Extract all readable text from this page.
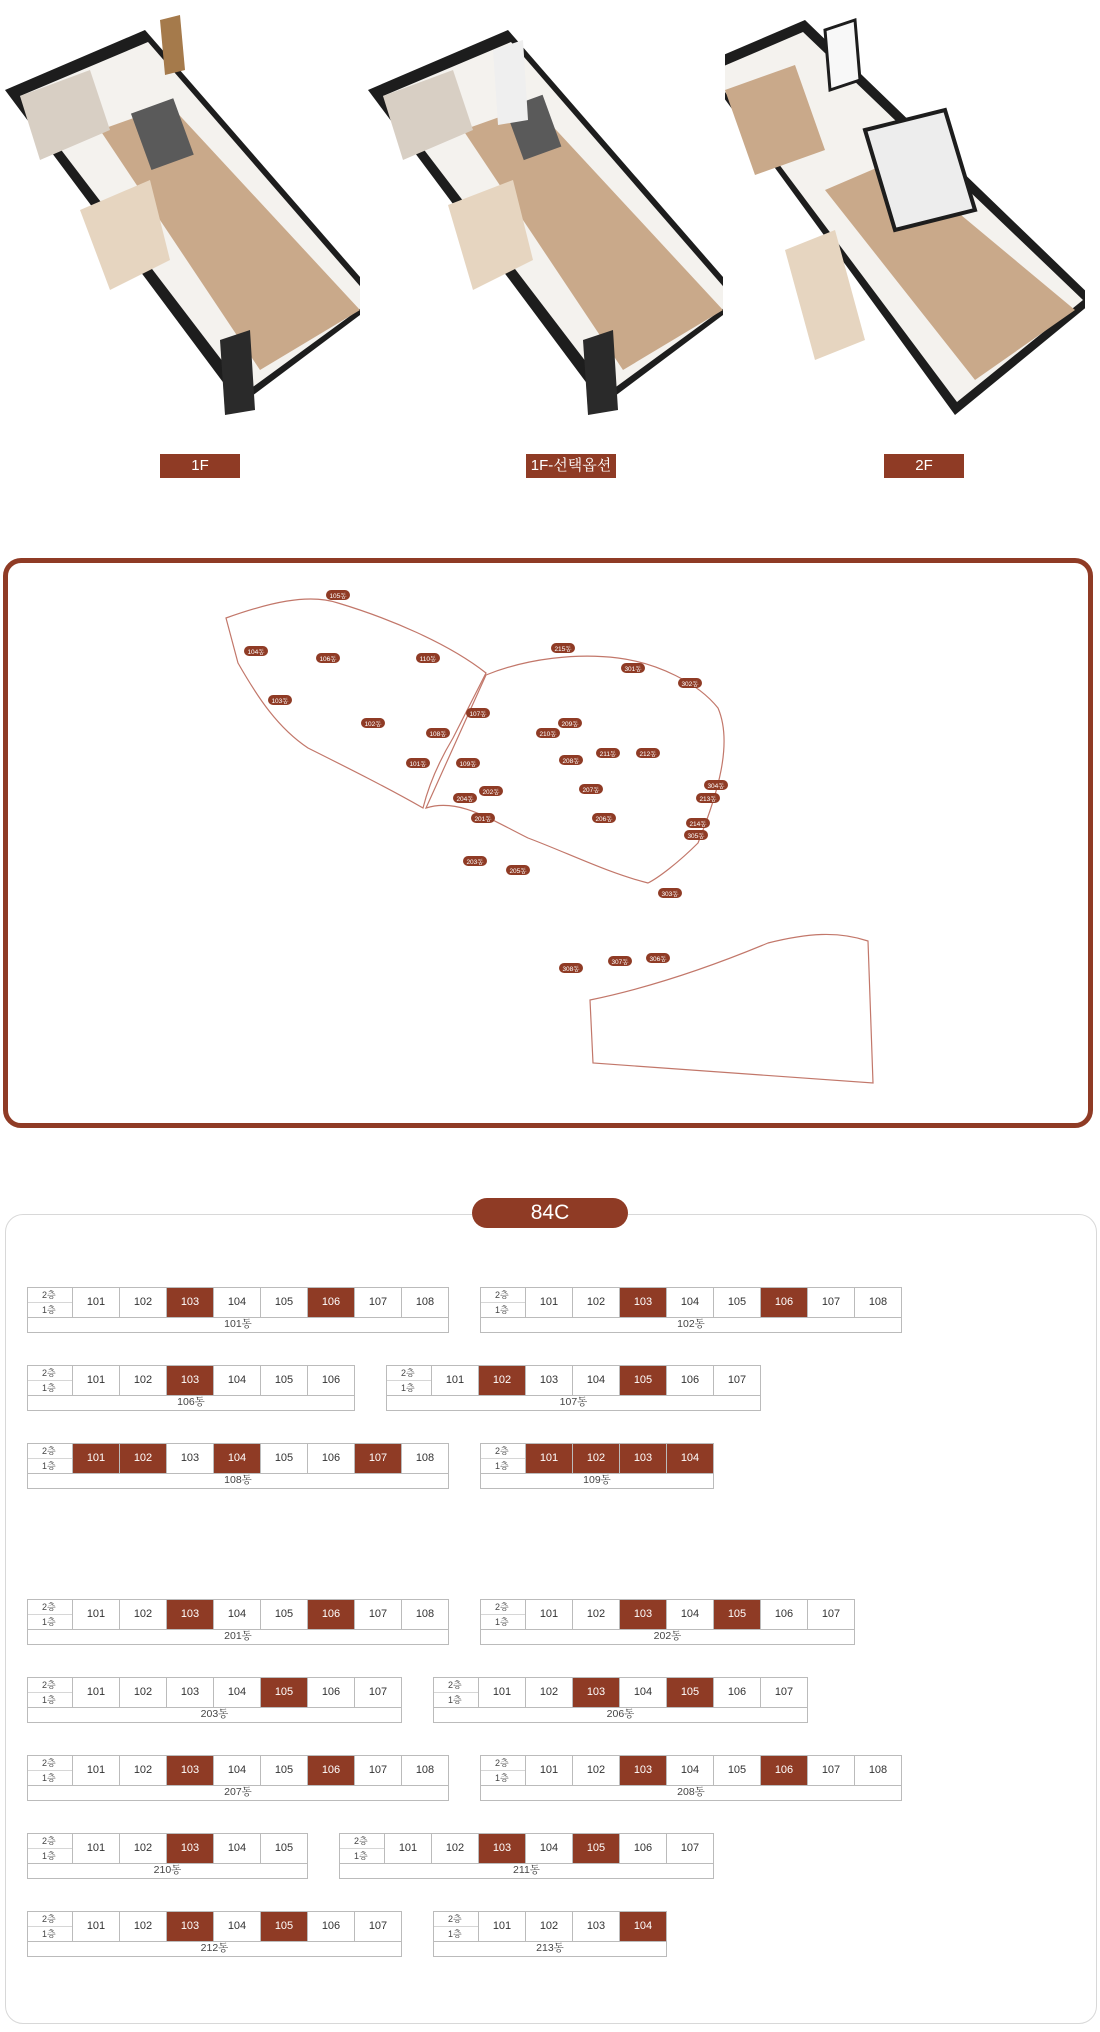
1F	1F-선택옵션	2F
101동
102동
103동
104동
105동
106동
107동
108동
109동
110동
201동
202동
203동
204동
205동
206동
207동
208동
209동
210동
211동	212동
213동
214동
215동
301동
302동
303동
304동
305동
306동
307동
308동
84C
2층
1층
101	102	103	104	105	106	107	108
101동
2층
1층
101	102	103	104	105	106	107	108
102동
2층
1층
101	102	103	104	105	106
106동
2층
1층
101	102	103	104	105	106	107
107동
2층
1층
101	102	103	104	105	106	107	108
108동
2층
1층
101	102	103	104
109동
2층
1층
101	102	103	104	105	106	107	108
201동
2층
1층
101	102	103	104	105	106	107
202동
2층
1층
101	102	103	104	105	106	107
203동
2층
1층
101	102	103	104	105	106	107
206동
2층
1층
101	102	103	104	105	106	107	108
207동
2층
1층
101	102	103	104	105	106	107	108
208동
2층
1층
101	102	103	104	105
210동
2층
1층
101	102	103	104	105	106	107
211동
2층
1층
101	102	103	104	105	106	107
212동
2층
1층
101	102	103	104
213동
